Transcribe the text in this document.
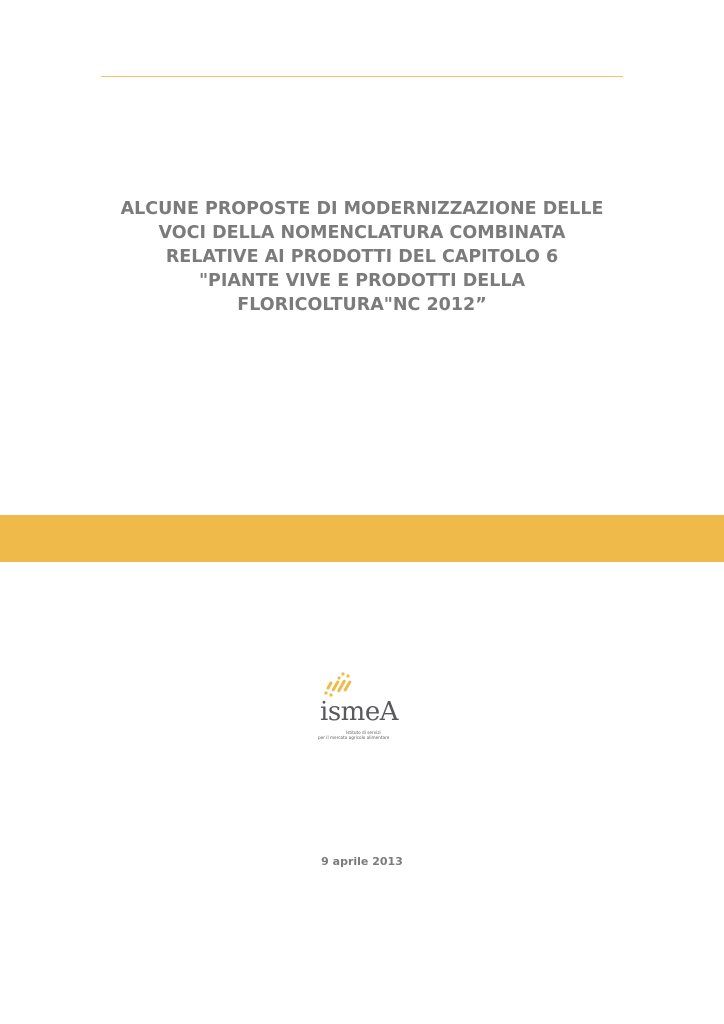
ALCUNE PROPOSTE DI MODERNIZZAZIONE DELLE
VOCI DELLA NOMENCLATURA COMBINATA
RELATIVE AI PRODOTTI DEL CAPITOLO 6
"PIANTE VIVE E PRODOTTI DELLA
FLORICOLTURA"NC 2012”
ismeA
Istituto di servizi
per il mercato agricolo alimentare
9 aprile 2013
